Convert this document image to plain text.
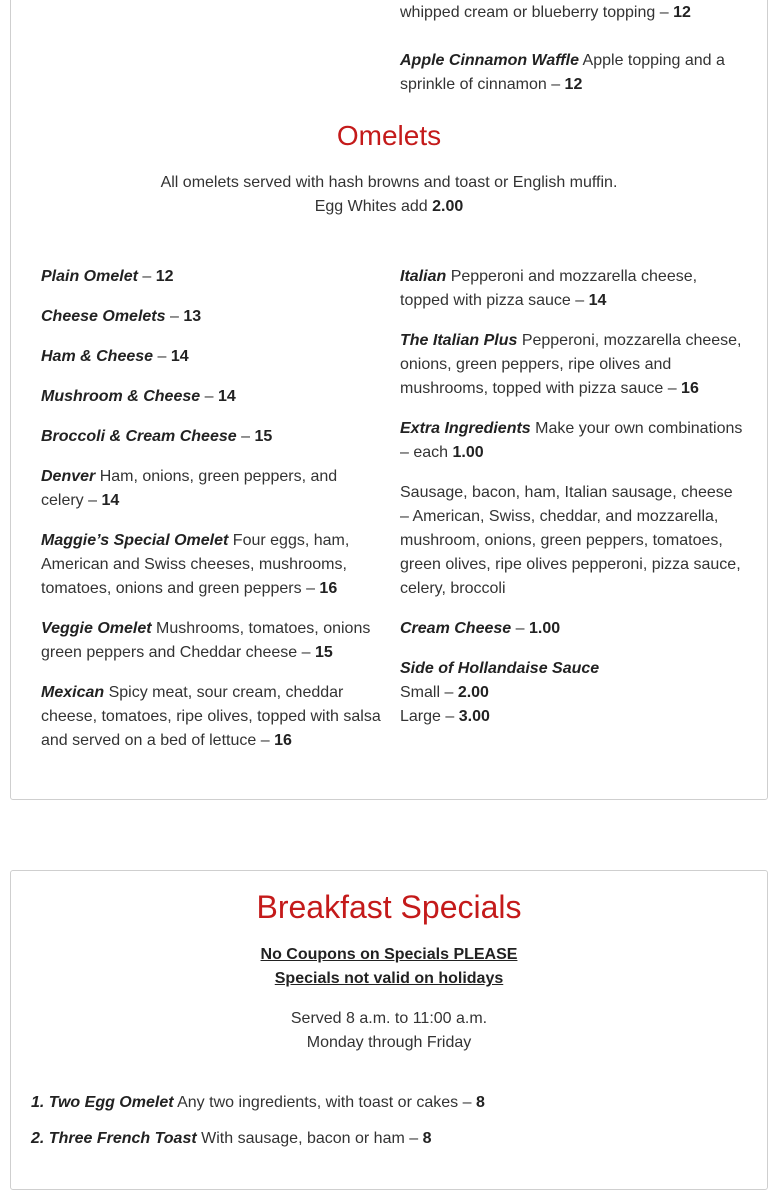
whipped cream or blueberry topping – 12
Apple Cinnamon Waffle Apple topping and a sprinkle of cinnamon – 12
Omelets
All omelets served with hash browns and toast or English muffin.
Egg Whites add 2.00
Plain Omelet – 12
Cheese Omelets – 13
Ham & Cheese – 14
Mushroom & Cheese – 14
Broccoli & Cream Cheese – 15
Denver Ham, onions, green peppers, and celery – 14
Maggie’s Special Omelet Four eggs, ham, American and Swiss cheeses, mushrooms, tomatoes, onions and green peppers – 16
Veggie Omelet Mushrooms, tomatoes, onions green peppers and Cheddar cheese – 15
Mexican Spicy meat, sour cream, cheddar cheese, tomatoes, ripe olives, topped with salsa and served on a bed of lettuce – 16
Italian Pepperoni and mozzarella cheese, topped with pizza sauce – 14
The Italian Plus Pepperoni, mozzarella cheese, onions, green peppers, ripe olives and mushrooms, topped with pizza sauce – 16
Extra Ingredients Make your own combinations – each 1.00
Sausage, bacon, ham, Italian sausage, cheese – American, Swiss, cheddar, and mozzarella, mushroom, onions, green peppers, tomatoes, green olives, ripe olives pepperoni, pizza sauce, celery, broccoli
Cream Cheese – 1.00
Side of Hollandaise Sauce
Small – 2.00
Large – 3.00
Breakfast Specials
No Coupons on Specials PLEASE
Specials not valid on holidays
Served 8 a.m. to 11:00 a.m.
Monday through Friday
1. Two Egg Omelet Any two ingredients, with toast or cakes – 8
2. Three French Toast With sausage, bacon or ham – 8
